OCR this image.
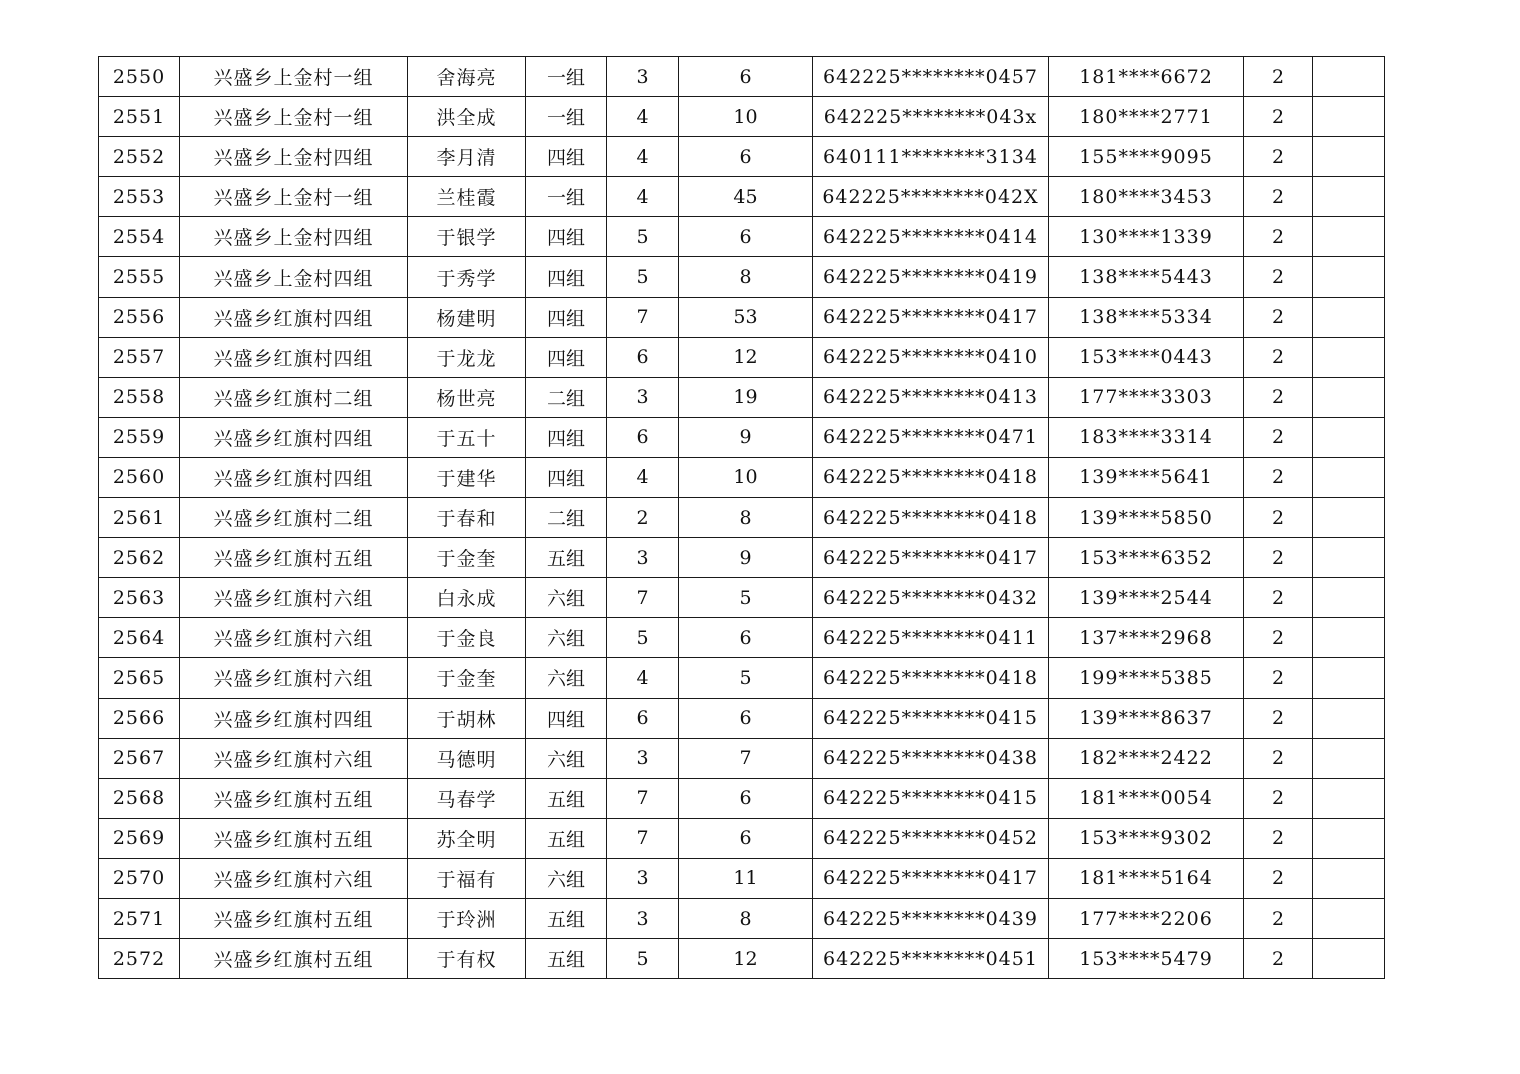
2550	兴盛乡上金村一组	舍海亮	一组	3	6	642225********0457	181****6672	2	
2551	兴盛乡上金村一组	洪全成	一组	4	10	642225********043x	180****2771	2	
2552	兴盛乡上金村四组	李月清	四组	4	6	640111********3134	155****9095	2	
2553	兴盛乡上金村一组	兰桂霞	一组	4	45	642225********042X	180****3453	2	
2554	兴盛乡上金村四组	于银学	四组	5	6	642225********0414	130****1339	2	
2555	兴盛乡上金村四组	于秀学	四组	5	8	642225********0419	138****5443	2	
2556	兴盛乡红旗村四组	杨建明	四组	7	53	642225********0417	138****5334	2	
2557	兴盛乡红旗村四组	于龙龙	四组	6	12	642225********0410	153****0443	2	
2558	兴盛乡红旗村二组	杨世亮	二组	3	19	642225********0413	177****3303	2	
2559	兴盛乡红旗村四组	于五十	四组	6	9	642225********0471	183****3314	2	
2560	兴盛乡红旗村四组	于建华	四组	4	10	642225********0418	139****5641	2	
2561	兴盛乡红旗村二组	于春和	二组	2	8	642225********0418	139****5850	2	
2562	兴盛乡红旗村五组	于金奎	五组	3	9	642225********0417	153****6352	2	
2563	兴盛乡红旗村六组	白永成	六组	7	5	642225********0432	139****2544	2	
2564	兴盛乡红旗村六组	于金良	六组	5	6	642225********0411	137****2968	2	
2565	兴盛乡红旗村六组	于金奎	六组	4	5	642225********0418	199****5385	2	
2566	兴盛乡红旗村四组	于胡林	四组	6	6	642225********0415	139****8637	2	
2567	兴盛乡红旗村六组	马德明	六组	3	7	642225********0438	182****2422	2	
2568	兴盛乡红旗村五组	马春学	五组	7	6	642225********0415	181****0054	2	
2569	兴盛乡红旗村五组	苏全明	五组	7	6	642225********0452	153****9302	2	
2570	兴盛乡红旗村六组	于福有	六组	3	11	642225********0417	181****5164	2	
2571	兴盛乡红旗村五组	于玲洲	五组	3	8	642225********0439	177****2206	2	
2572	兴盛乡红旗村五组	于有权	五组	5	12	642225********0451	153****5479	2	
